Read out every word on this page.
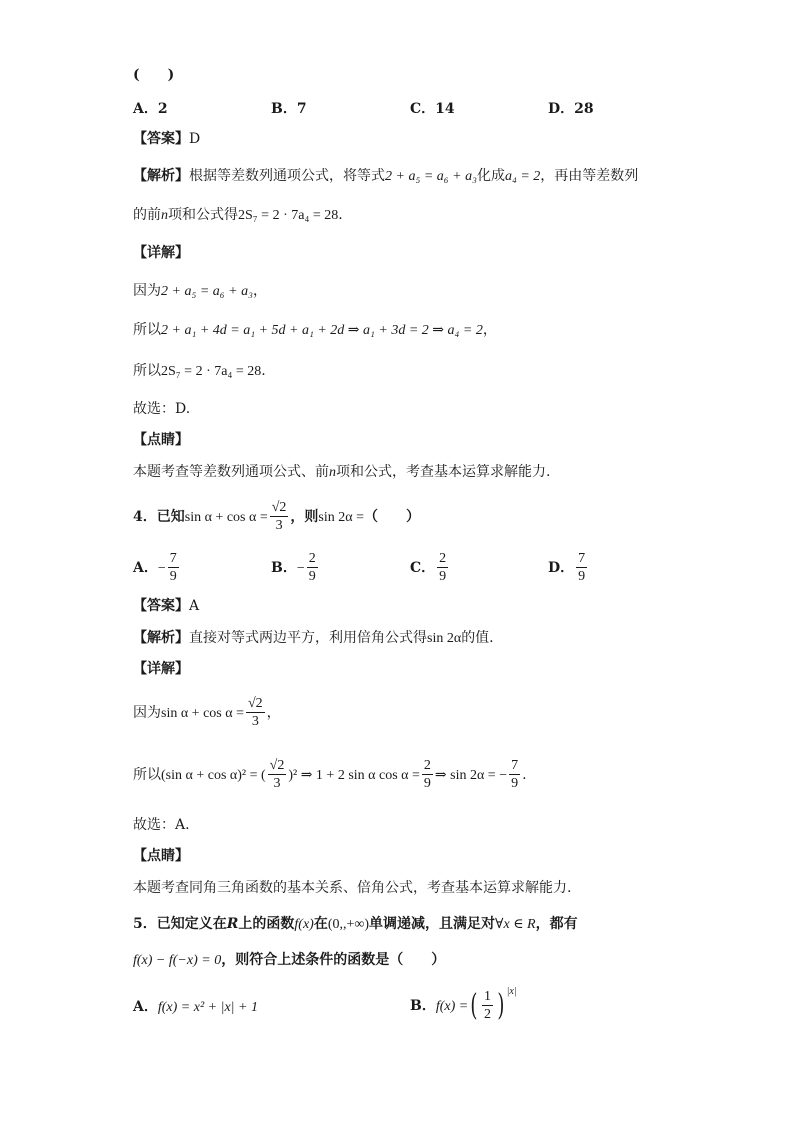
(　　)
A．2	B．7	C．14	D．28
【答案】D
【解析】根据等差数列通项公式，将等式2 + a₅ = a₆ + a₃化成a₄ = 2，再由等差数列
的前n项和公式得2S₇ = 2 · 7a₄ = 28.
【详解】
因为2 + a₅ = a₆ + a₃，
所以2 + a₁ + 4d = a₁ + 5d + a₁ + 2d ⇒ a₁ + 3d = 2 ⇒ a₄ = 2，
所以2S₇ = 2 · 7a₄ = 28.
故选：D.
【点睛】
本题考查等差数列通项公式、前n项和公式，考查基本运算求解能力.
4．已知$\sin \alpha + \cos \alpha = \frac{√2}{3}$ ，则sin 2α =（　　）
A．− $\frac{7}{9}$	B．− $\frac{2}{9}$	C． $\frac{2}{9}$	D． $\frac{7}{9}$
【答案】A
【解析】直接对等式两边平方，利用倍角公式得sin 2α的值.
【详解】
因为$\sin \alpha + \cos \alpha = \frac{√2}{3}$ ，
所以(sin α + cos α)² = ( $\frac{√2}{3} )^2$ ⇒ 1 + 2 sin α $\cos \alpha = \frac{2}{9}$ ⇒ sin 2α = − $\frac{7}{9}$ .
故选：A.
【点睛】
本题考查同角三角函数的基本关系、倍角公式，考查基本运算求解能力.
5．已知定义在R上的函数f(x)在(0,,+∞)单调递减，且满足对∀x ∈ R，都有
f(x) − f(−x) = 0，则符合上述条件的函数是（　　）
A．f(x) = x² + |x| + 1	B．f(x) =( $\frac{1}{2}$ ) $^{|x|}$
